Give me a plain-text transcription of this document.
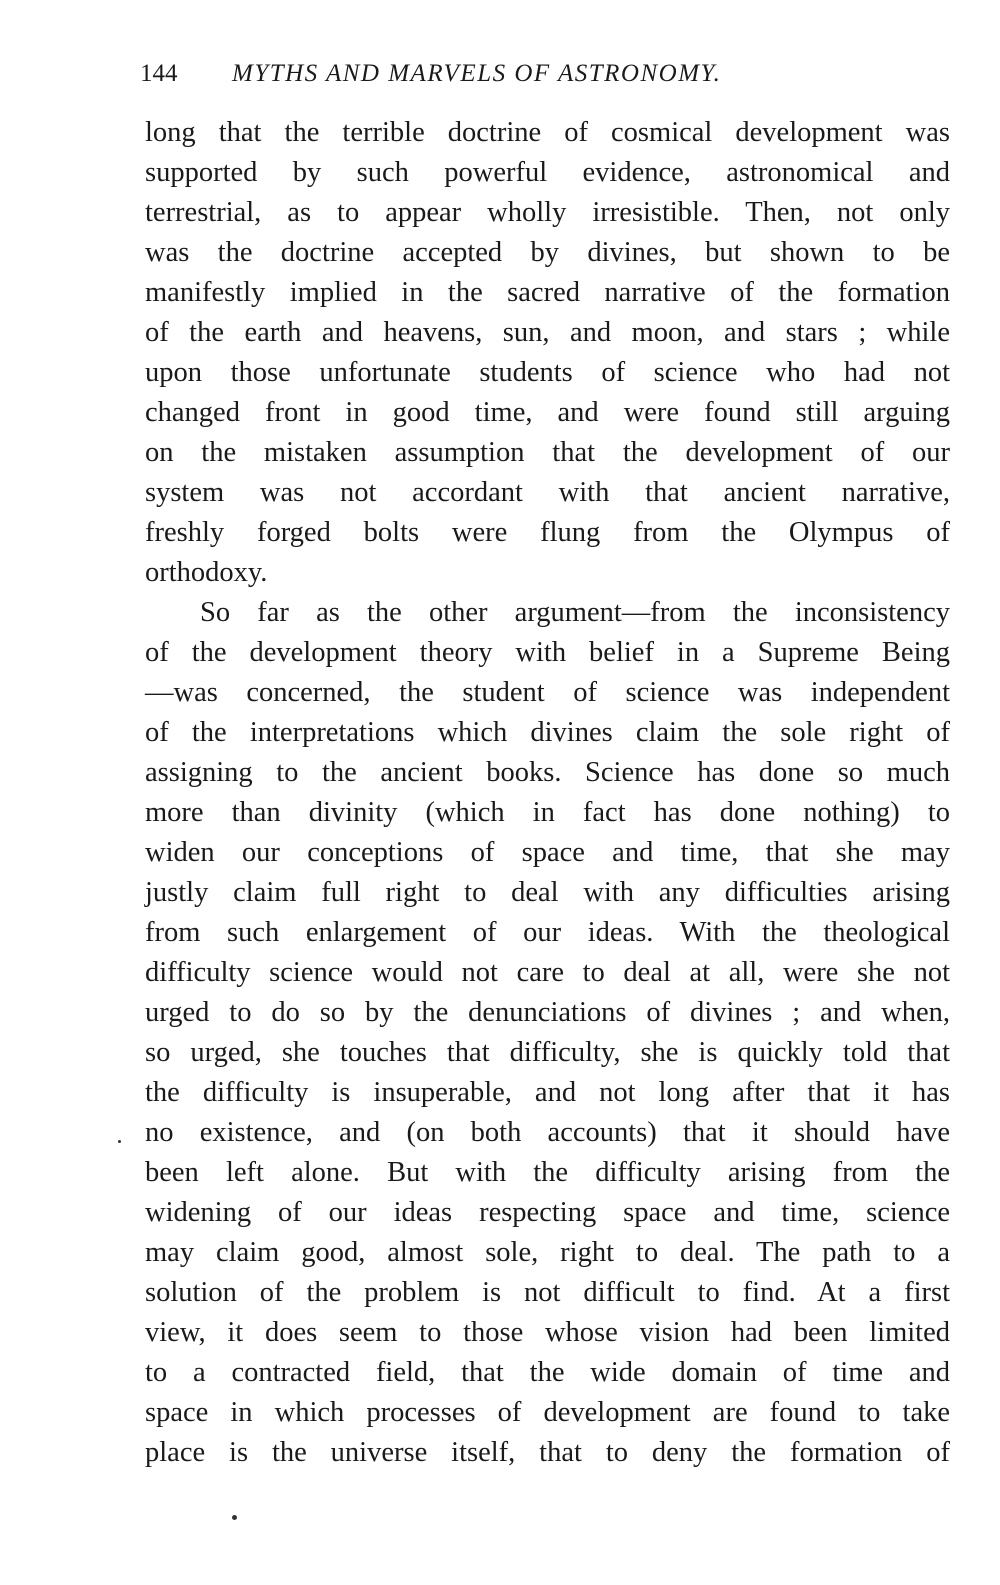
144 MYTHS AND MARVELS OF ASTRONOMY.
long that the terrible doctrine of cosmical development was
supported by such powerful evidence, astronomical and
terrestrial, as to appear wholly irresistible. Then, not only
was the doctrine accepted by divines, but shown to be
manifestly implied in the sacred narrative of the formation
of the earth and heavens, sun, and moon, and stars ; while
upon those unfortunate students of science who had not
changed front in good time, and were found still arguing
on the mistaken assumption that the development of our
system was not accordant with that ancient narrative,
freshly forged bolts were flung from the Olympus of
orthodoxy.
So far as the other argument—from the inconsistency
of the development theory with belief in a Supreme Being
—was concerned, the student of science was independent
of the interpretations which divines claim the sole right of
assigning to the ancient books. Science has done so much
more than divinity (which in fact has done nothing) to
widen our conceptions of space and time, that she may
justly claim full right to deal with any difficulties arising
from such enlargement of our ideas. With the theological
difficulty science would not care to deal at all, were she not
urged to do so by the denunciations of divines ; and when,
so urged, she touches that difficulty, she is quickly told that
the difficulty is insuperable, and not long after that it has
no existence, and (on both accounts) that it should have
been left alone. But with the difficulty arising from the
widening of our ideas respecting space and time, science
may claim good, almost sole, right to deal. The path to a
solution of the problem is not difficult to find. At a first
view, it does seem to those whose vision had been limited
to a contracted field, that the wide domain of time and
space in which processes of development are found to take
place is the universe itself, that to deny the formation of
